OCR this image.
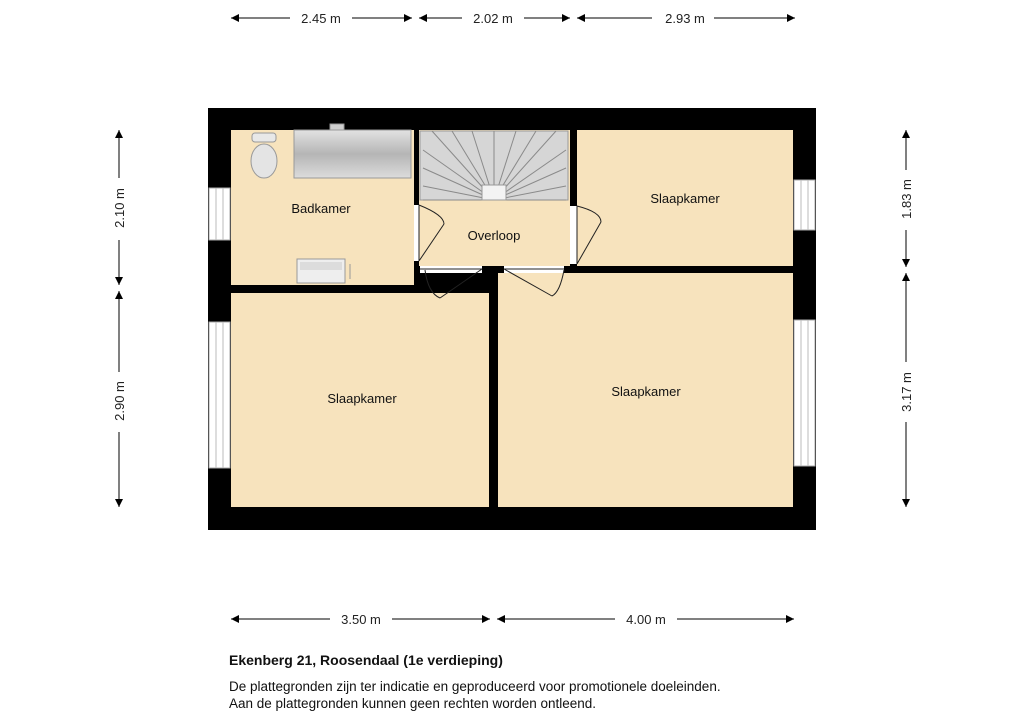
2.45 m	2.02 m	2.93 m
3.50 m	4.00 m
2.10 m
2.90 m
1.83 m
3.17 m
Badkamer
Overloop
Slaapkamer
Slaapkamer	Slaapkamer
Ekenberg 21, Roosendaal (1e verdieping)
De plattegronden zijn ter indicatie en geproduceerd voor promotionele doeleinden.
Aan de plattegronden kunnen geen rechten worden ontleend.
